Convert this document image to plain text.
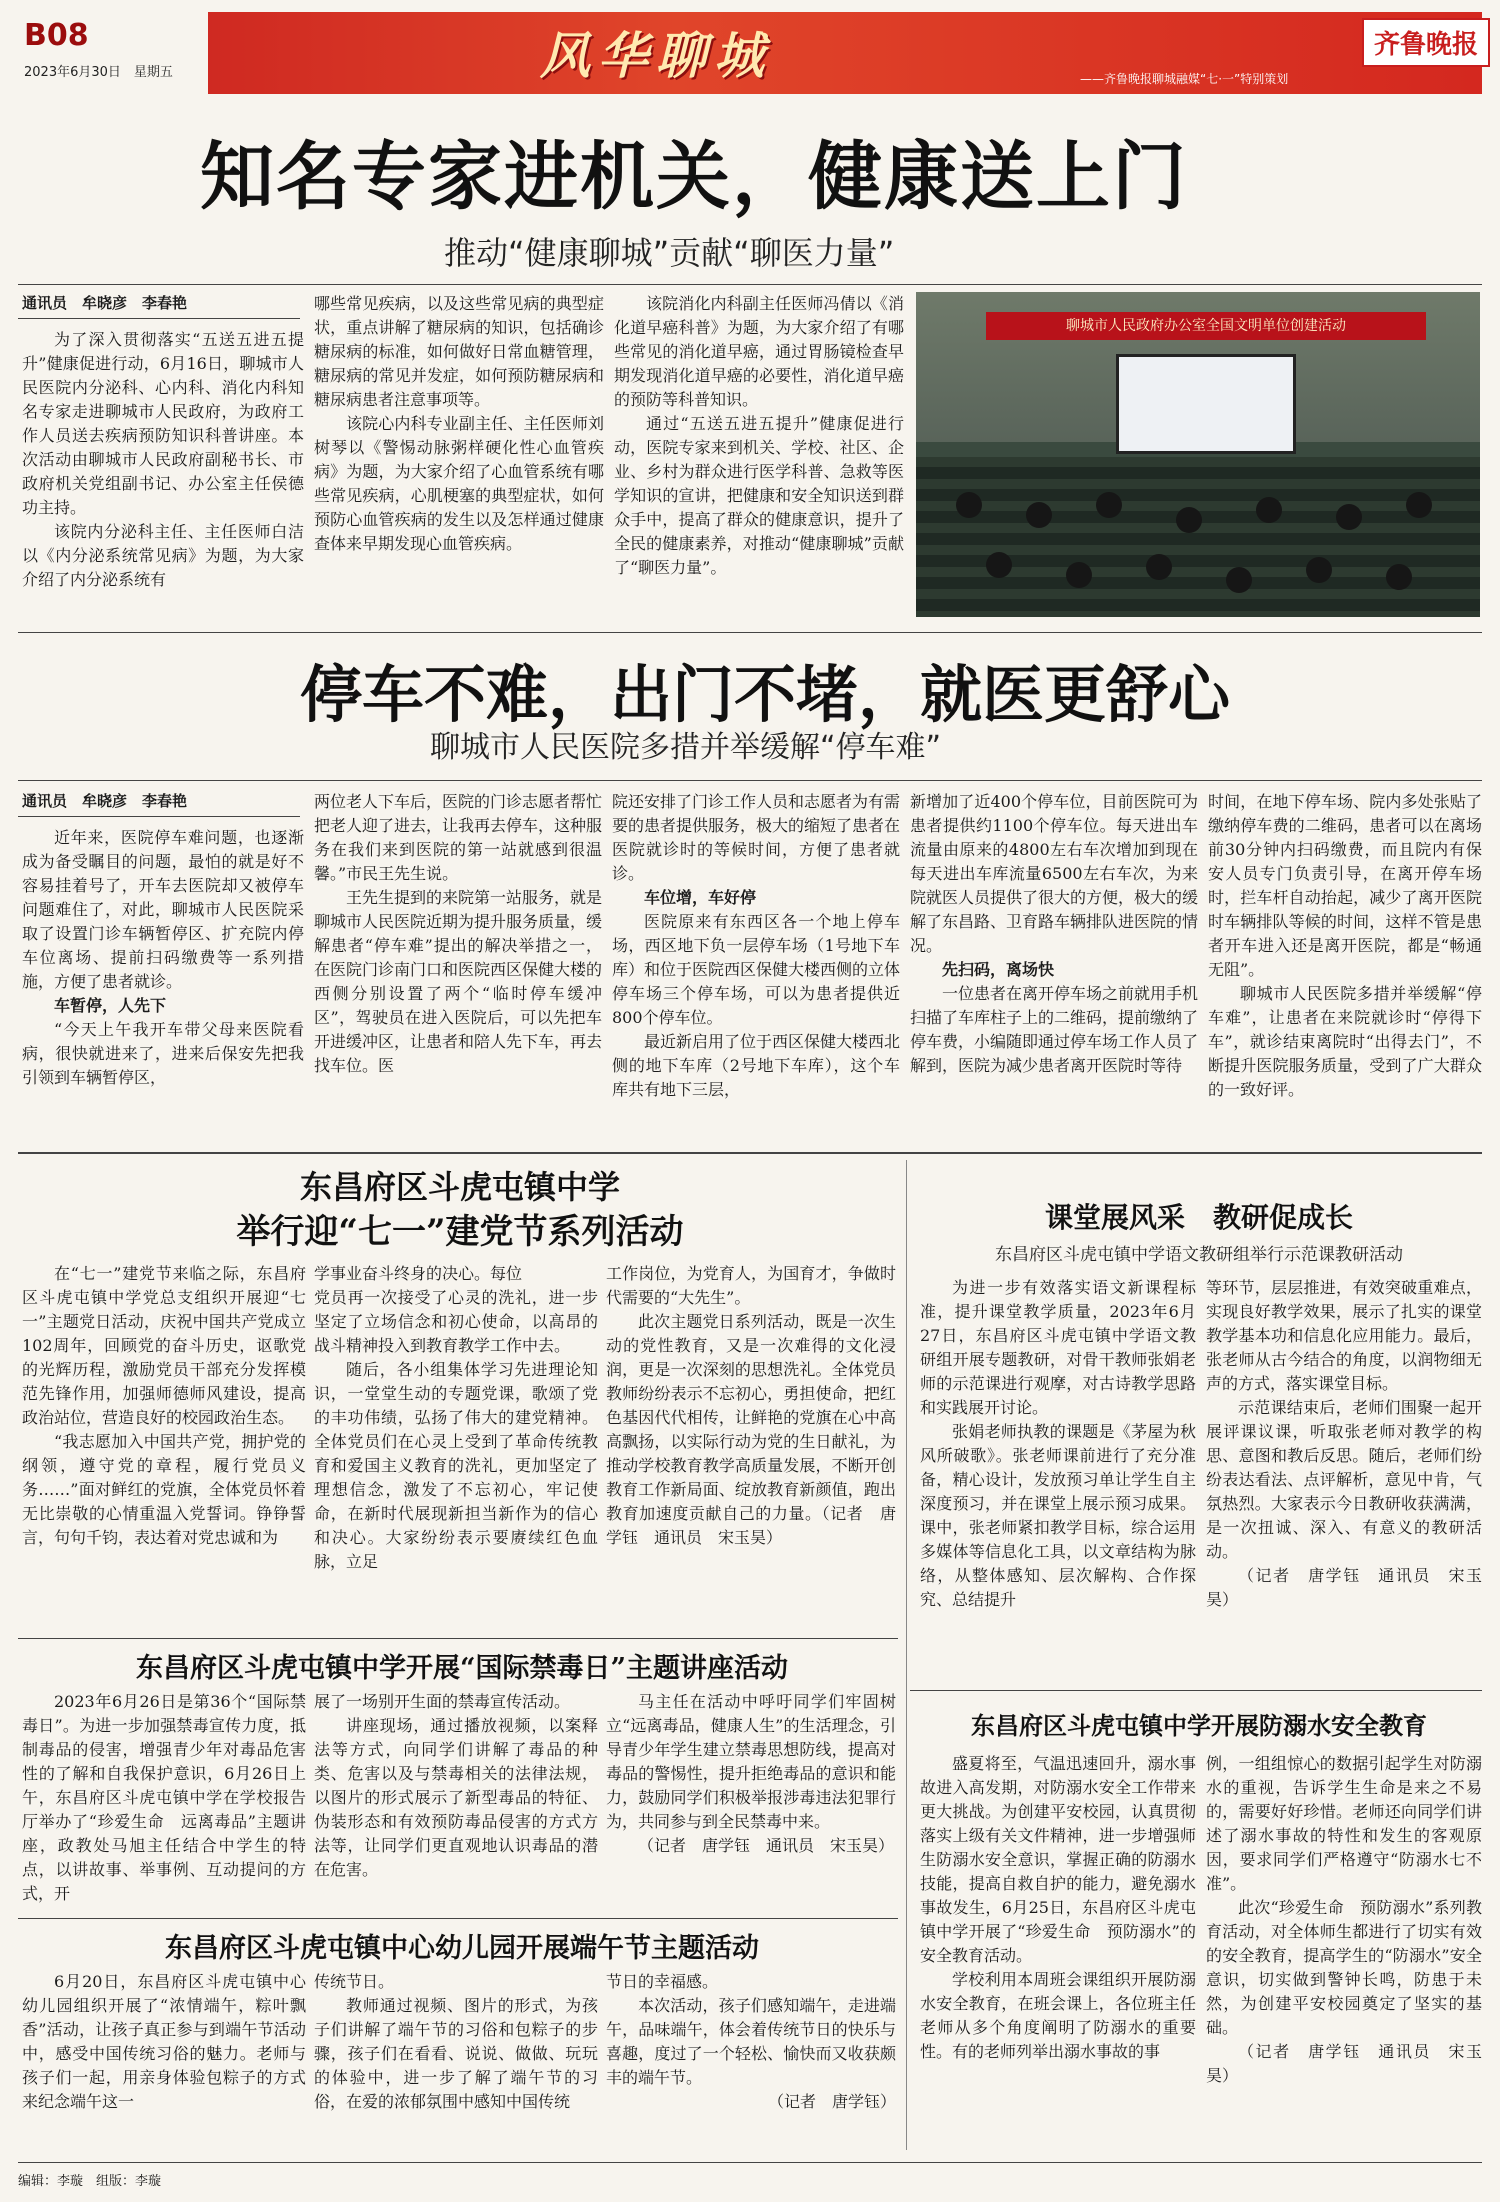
B08
2023年6月30日　 星期五	风华聊城	齐鲁晚报
——齐鲁晚报聊城融媒“七·一”特别策划
知名专家进机关，健康送上门
推动“健康聊城”贡献“聊医力量”
通讯员　牟晓彦　李春艳

为了深入贯彻落实“五送五进五提升”健康促进行动，6月16日，聊城市人民医院内分泌科、心内科、消化内科知名专家走进聊城市人民政府，为政府工作人员送去疾病预防知识科普讲座。本次活动由聊城市人民政府副秘书长、市政府机关党组副书记、办公室主任侯德功主持。

该院内分泌科主任、主任医师白洁以《内分泌系统常见病》为题，为大家介绍了内分泌系统有

哪些常见疾病，以及这些常见病的典型症状，重点讲解了糖尿病的知识，包括确诊糖尿病的标准，如何做好日常血糖管理，糖尿病的常见并发症，如何预防糖尿病和糖尿病患者注意事项等。

该院心内科专业副主任、主任医师刘树琴以《警惕动脉粥样硬化性心血管疾病》为题，为大家介绍了心血管系统有哪些常见疾病，心肌梗塞的典型症状，如何预防心血管疾病的发生以及怎样通过健康查体来早期发现心血管疾病。

该院消化内科副主任医师冯倩以《消化道早癌科普》为题，为大家介绍了有哪些常见的消化道早癌，通过胃肠镜检查早期发现消化道早癌的必要性，消化道早癌的预防等科普知识。

通过“五送五进五提升”健康促进行动，医院专家来到机关、学校、社区、企业、乡村为群众进行医学科普、急救等医学知识的宣讲，把健康和安全知识送到群众手中，提高了群众的健康意识，提升了全民的健康素养，对推动“健康聊城”贡献了“聊医力量”。

聊城市人民政府办公室全国文明单位创建活动
停车不难，出门不堵，就医更舒心
聊城市人民医院多措并举缓解“停车难”
通讯员　牟晓彦　李春艳

近年来，医院停车难问题，也逐渐成为备受瞩目的问题，最怕的就是好不容易挂着号了，开车去医院却又被停车问题难住了，对此，聊城市人民医院采取了设置门诊车辆暂停区、扩充院内停车位离场、提前扫码缴费等一系列措施，方便了患者就诊。

车暂停，人先下

“今天上午我开车带父母来医院看病，很快就进来了，进来后保安先把我引领到车辆暂停区，

两位老人下车后，医院的门诊志愿者帮忙把老人迎了进去，让我再去停车，这种服务在我们来到医院的第一站就感到很温馨。”市民王先生说。

王先生提到的来院第一站服务，就是聊城市人民医院近期为提升服务质量，缓解患者“停车难”提出的解决举措之一，在医院门诊南门口和医院西区保健大楼的西侧分别设置了两个“临时停车缓冲区”，驾驶员在进入医院后，可以先把车开进缓冲区，让患者和陪人先下车，再去找车位。医

院还安排了门诊工作人员和志愿者为有需要的患者提供服务，极大的缩短了患者在医院就诊时的等候时间，方便了患者就诊。

车位增，车好停

医院原来有东西区各一个地上停车场，西区地下负一层停车场（1号地下车库）和位于医院西区保健大楼西侧的立体停车场三个停车场，可以为患者提供近800个停车位。

最近新启用了位于西区保健大楼西北侧的地下车库（2号地下车库），这个车库共有地下三层，

新增加了近400个停车位，目前医院可为患者提供约1100个停车位。每天进出车流量由原来的4800左右车次增加到现在每天进出车库流量6500左右车次，为来院就医人员提供了很大的方便，极大的缓解了东昌路、卫育路车辆排队进医院的情况。

先扫码，离场快

一位患者在离开停车场之前就用手机扫描了车库柱子上的二维码，提前缴纳了停车费，小编随即通过停车场工作人员了解到，医院为减少患者离开医院时等待

时间，在地下停车场、院内多处张贴了缴纳停车费的二维码，患者可以在离场前30分钟内扫码缴费，而且院内有保安人员专门负责引导，在离开停车场时，拦车杆自动抬起，减少了离开医院时车辆排队等候的时间，这样不管是患者开车进入还是离开医院，都是“畅通无阻”。

聊城市人民医院多措并举缓解“停车难”，让患者在来院就诊时“停得下车”，就诊结束离院时“出得去门”，不断提升医院服务质量，受到了广大群众的一致好评。

东昌府区斗虎屯镇中学
举行迎“七一”建党节系列活动

在“七一”建党节来临之际，东昌府区斗虎屯镇中学党总支组织开展迎“七一”主题党日活动，庆祝中国共产党成立102周年，回顾党的奋斗历史，讴歌党的光辉历程，激励党员干部充分发挥模范先锋作用，加强师德师风建设，提高政治站位，营造良好的校园政治生态。

“我志愿加入中国共产党，拥护党的纲领，遵守党的章程，履行党员义务……”面对鲜红的党旗，全体党员怀着无比崇敬的心情重温入党誓词。铮铮誓言，句句千钧，表达着对党忠诚和为

学事业奋斗终身的决心。每位

党员再一次接受了心灵的洗礼，进一步坚定了立场信念和初心使命，以高昂的战斗精神投入到教育教学工作中去。

随后，各小组集体学习先进理论知识，一堂堂生动的专题党课，歌颂了党的丰功伟绩，弘扬了伟大的建党精神。全体党员们在心灵上受到了革命传统教育和爱国主义教育的洗礼，更加坚定了理想信念，激发了不忘初心，牢记使命，在新时代展现新担当新作为的信心和决心。大家纷纷表示要赓续红色血脉，立足

工作岗位，为党育人，为国育才，争做时代需要的“大先生”。

此次主题党日系列活动，既是一次生动的党性教育，又是一次难得的文化浸润，更是一次深刻的思想洗礼。全体党员教师纷纷表示不忘初心，勇担使命，把红色基因代代相传，让鲜艳的党旗在心中高高飘扬，以实际行动为党的生日献礼，为推动学校教育教学高质量发展，不断开创教育工作新局面、绽放教育新颜值，跑出教育加速度贡献自己的力量。（记者　唐学钰　通讯员　宋玉昊）

东昌府区斗虎屯镇中学开展“国际禁毒日”主题讲座活动

2023年6月26日是第36个“国际禁毒日”。为进一步加强禁毒宣传力度，抵制毒品的侵害，增强青少年对毒品危害性的了解和自我保护意识，6月26日上午，东昌府区斗虎屯镇中学在学校报告厅举办了“珍爱生命　远离毒品”主题讲座，政教处马旭主任结合中学生的特点，以讲故事、举事例、互动提问的方式，开

展了一场别开生面的禁毒宣传活动。

讲座现场，通过播放视频，以案释法等方式，向同学们讲解了毒品的种类、危害以及与禁毒相关的法律法规，以图片的形式展示了新型毒品的特征、伪装形态和有效预防毒品侵害的方式方法等，让同学们更直观地认识毒品的潜在危害。

马主任在活动中呼吁同学们牢固树立“远离毒品，健康人生”的生活理念，引导青少年学生建立禁毒思想防线，提高对毒品的警惕性，提升拒绝毒品的意识和能力，鼓励同学们积极举报涉毒违法犯罪行为，共同参与到全民禁毒中来。

（记者　唐学钰　通讯员　宋玉昊）

东昌府区斗虎屯镇中心幼儿园开展端午节主题活动

6月20日，东昌府区斗虎屯镇中心幼儿园组织开展了“浓情端午，粽叶飘香”活动，让孩子真正参与到端午节活动中，感受中国传统习俗的魅力。老师与孩子们一起，用亲身体验包粽子的方式来纪念端午这一

传统节日。

教师通过视频、图片的形式，为孩子们讲解了端午节的习俗和包粽子的步骤，孩子们在看看、说说、做做、玩玩的体验中，进一步了解了端午节的习俗，在爱的浓郁氛围中感知中国传统

节日的幸福感。

本次活动，孩子们感知端午，走进端午，品味端午，体会着传统节日的快乐与喜趣，度过了一个轻松、愉快而又收获颇丰的端午节。

（记者　唐学钰）

课堂展风采　教研促成长
东昌府区斗虎屯镇中学语文教研组举行示范课教研活动

为进一步有效落实语文新课程标准，提升课堂教学质量，2023年6月27日，东昌府区斗虎屯镇中学语文教研组开展专题教研，对骨干教师张娟老师的示范课进行观摩，对古诗教学思路和实践展开讨论。

张娟老师执教的课题是《茅屋为秋风所破歌》。张老师课前进行了充分准备，精心设计，发放预习单让学生自主深度预习，并在课堂上展示预习成果。课中，张老师紧扣教学目标，综合运用多媒体等信息化工具，以文章结构为脉络，从整体感知、层次解构、合作探究、总结提升

等环节，层层推进，有效突破重难点，实现良好教学效果，展示了扎实的课堂教学基本功和信息化应用能力。最后，张老师从古今结合的角度，以润物细无声的方式，落实课堂目标。

示范课结束后，老师们围聚一起开展评课议课，听取张老师对教学的构思、意图和教后反思。随后，老师们纷纷表达看法、点评解析，意见中肯，气氛热烈。大家表示今日教研收获满满，是一次扭诚、深入、有意义的教研活动。

（记者　唐学钰　通讯员　宋玉昊）

东昌府区斗虎屯镇中学开展防溺水安全教育

盛夏将至，气温迅速回升，溺水事故进入高发期，对防溺水安全工作带来更大挑战。为创建平安校园，认真贯彻落实上级有关文件精神，进一步增强师生防溺水安全意识，掌握正确的防溺水技能，提高自救自护的能力，避免溺水事故发生，6月25日，东昌府区斗虎屯镇中学开展了“珍爱生命　预防溺水”的安全教育活动。

学校利用本周班会课组织开展防溺水安全教育，在班会课上，各位班主任老师从多个角度阐明了防溺水的重要性。有的老师列举出溺水事故的事

例，一组组惊心的数据引起学生对防溺水的重视，告诉学生生命是来之不易的，需要好好珍惜。老师还向同学们讲述了溺水事故的特性和发生的客观原因，要求同学们严格遵守“防溺水七不准”。

此次“珍爱生命　预防溺水”系列教育活动，对全体师生都进行了切实有效的安全教育，提高学生的“防溺水”安全意识，切实做到警钟长鸣，防患于未然，为创建平安校园奠定了坚实的基础。

（记者　唐学钰　通讯员　宋玉昊）

编辑：李璇　 组版：李璇
